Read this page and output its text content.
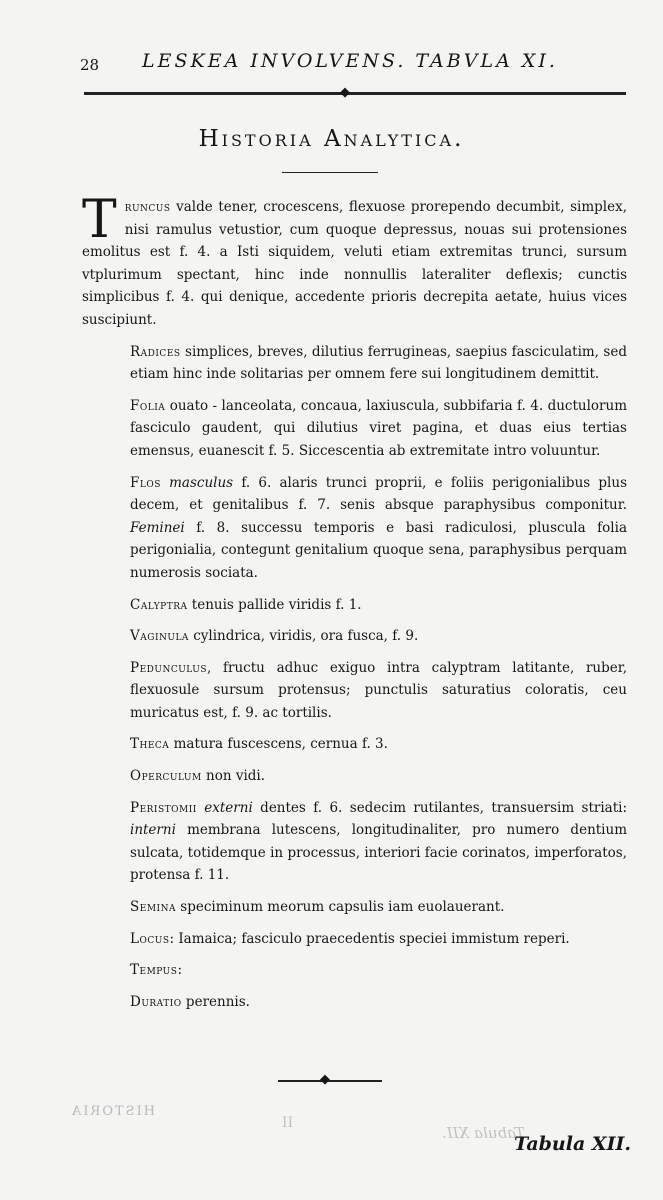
28 LESKEA INVOLVENS. TABVLA XI.
◆
Historia Analytica.

Truncus valde tener, crocescens, flexuose prorependo decumbit, simplex, nisi ramulus vetustior, cum quoque depressus, nouas sui protensiones emolitus est f. 4. a Isti siquidem, veluti etiam extremitas trunci, sursum vtplurimum spectant, hinc inde nonnullis lateraliter deflexis; cunctis simplicibus f. 4. qui denique, accedente prioris decrepita aetate, huius vices suscipiunt.

Radices simplices, breves, dilutius ferrugineas, saepius fasciculatim, sed etiam hinc inde solitarias per omnem fere sui longitudinem demittit.

Folia ouato - lanceolata, concaua, laxiuscula, subbifaria f. 4. ductulorum fasciculo gaudent, qui dilutius viret pagina, et duas eius tertias emensus, euanescit f. 5. Siccescentia ab extremitate intro voluuntur.

Flos masculus f. 6. alaris trunci proprii, e foliis perigonialibus plus decem, et genitalibus f. 7. senis absque paraphysibus componitur. Feminei f. 8. successu temporis e basi radiculosi, pluscula folia perigonialia, contegunt genitalium quoque sena, paraphysibus perquam numerosis sociata.

Calyptra tenuis pallide viridis f. 1.

Vaginula cylindrica, viridis, ora fusca, f. 9.

Pedunculus, fructu adhuc exiguo intra calyptram latitante, ruber, flexuosule sursum protensus; punctulis saturatius coloratis, ceu muricatus est, f. 9. ac tortilis.

Theca matura fuscescens, cernua f. 3.

Operculum non vidi.

Peristomii externi dentes f. 6. sedecim rutilantes, transuersim striati: interni membrana lutescens, longitudinaliter, pro numero dentium sulcata, totidemque in processus, interiori facie corinatos, imperforatos, protensa f. 11.

Semina speciminum meorum capsulis iam euolauerant.

Locus: Iamaica; fasciculo praecedentis speciei immistum reperi.

Tempus:

Duratio perennis.

◆
HISTORIA
II
Tabula XII.
Tabula XII.
